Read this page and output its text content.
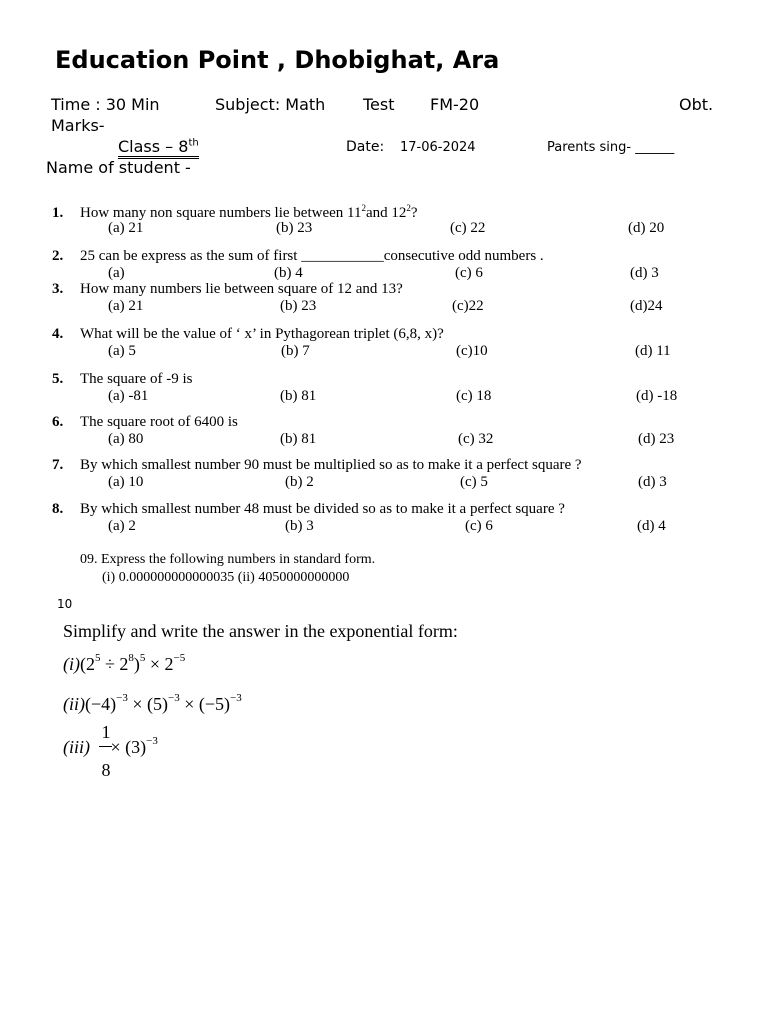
Education Point , Dhobighat, Ara
Time : 30 Min	Subject: Math Test FM-20	Obt.
Marks-
Class – 8th	Date: 17-06-2024	Parents sing- ______
Name of student -
1. How many non square numbers lie between $11^2and$ $12^2$?
(a) 21	(b) 23	(c) 22	(d) 20
2. 25 can be express as the sum of first ___________consecutive odd numbers .
(a)	(b) 4	(c) 6	(d) 3
3. How many numbers lie between square of 12 and 13?
(a) 21	(b) 23	(c)22	(d)24
4. What will be the value of ‘ x’ in Pythagorean triplet (6,8, x)?
(a) 5	(b) 7	(c)10	(d) 11
5. The square of -9 is
(a) -81	(b) 81	(c) 18	(d) -18
6. The square root of 6400 is
(a) 80	(b) 81	(c) 32	(d) 23
7. By which smallest number 90 must be multiplied so as to make it a perfect square ?
(a) 10	(b) 2	(c) 5	(d) 3
8. By which smallest number 48 must be divided so as to make it a perfect square ?
(a) 2	(b) 3	(c) 6	(d) 4
09. Express the following numbers in standard form.
(i) 0.000000000000035 (ii) 4050000000000
10
Simplify and write the answer in the exponential form:
$(i)(2^5 \div 2^8)^5 \times 2^{-5}$
$(ii)(-4)^{-3} \times (5)^{-3} \times (-5)^{-3}$
$(iii) \times (3)^{-3}$
1
8
